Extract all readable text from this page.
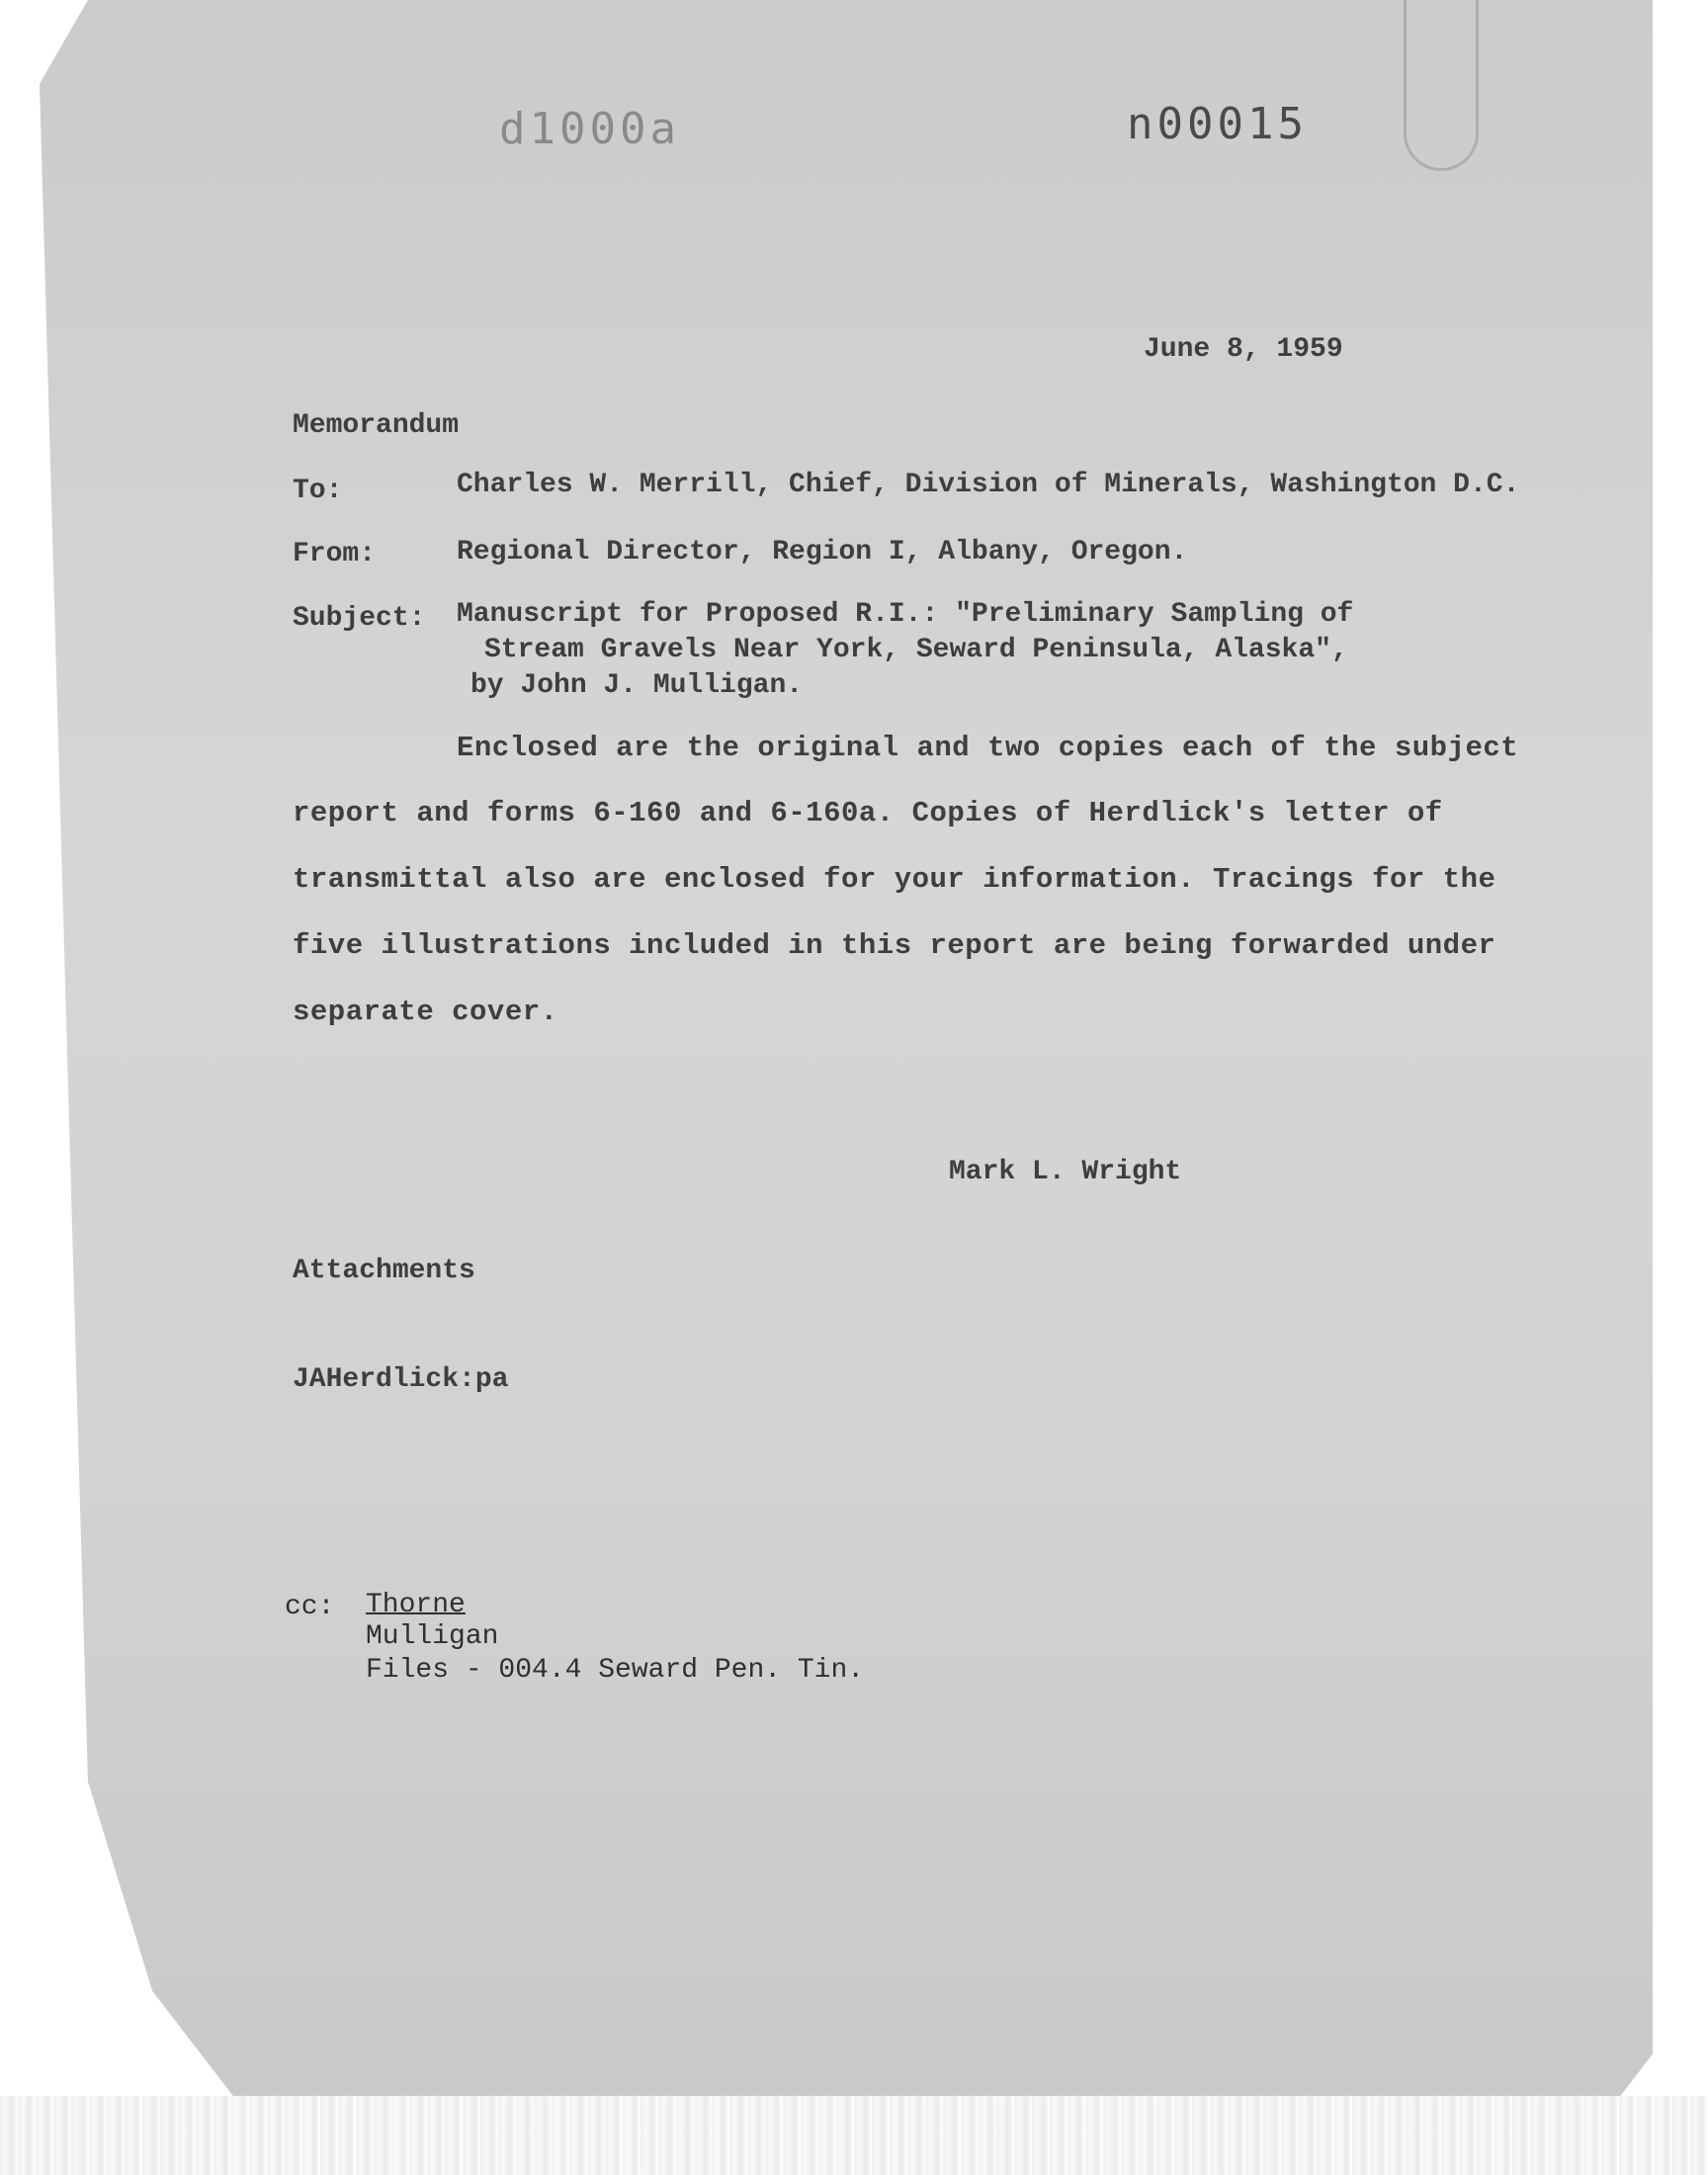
d1000a	n00015
June 8, 1959
Memorandum
To:	Charles W. Merrill, Chief, Division of Minerals, Washington D.C.
From:	Regional Director, Region I, Albany, Oregon.
Subject: Manuscript for Proposed R.I.: "Preliminary Sampling of
Stream Gravels Near York, Seward Peninsula, Alaska",
by John J. Mulligan.
Enclosed are the original and two copies each of the subject
report and forms 6-160 and 6-160a. Copies of Herdlick's letter of
transmittal also are enclosed for your information. Tracings for the
five illustrations included in this report are being forwarded under
separate cover.
Mark L. Wright
Attachments
JAHerdlick:pa
cc: Thorne
Mulligan
Files - 004.4 Seward Pen. Tin.
